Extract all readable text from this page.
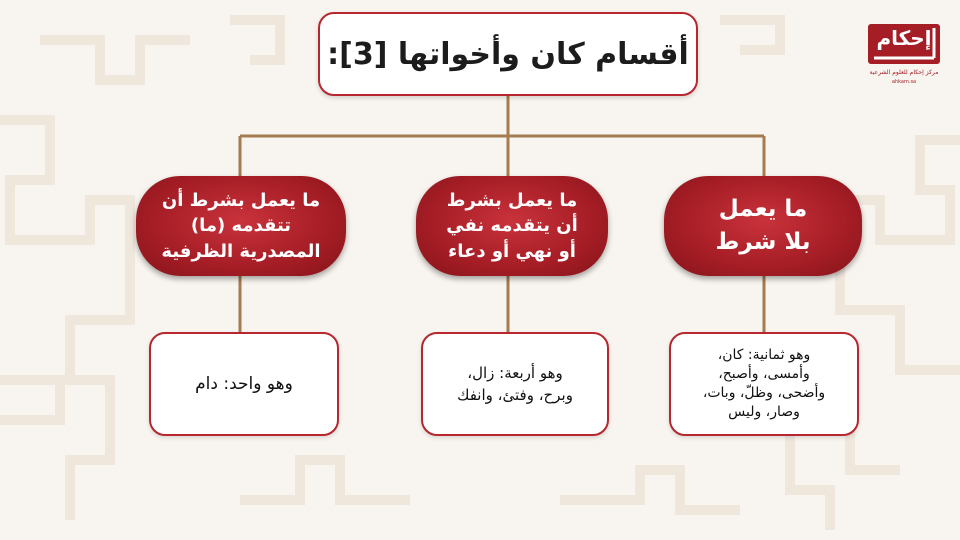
إحكام
مركز إحكام للعلوم الشرعية
ahkam.sa
أقسام كان وأخواتها [3]:
ما يعمل
بلا شرط
ما يعمل بشرط
أن يتقدمه نفي
أو نهي أو دعاء
ما يعمل بشرط أن
تتقدمه (ما)
المصدرية الظرفية
وهو ثمانية: كان،
وأمسى، وأصبح،
وأضحى، وظلّ، وبات،
وصار، وليس
وهو أربعة: زال،
وبرح، وفتئ، وانفك
وهو واحد: دام
